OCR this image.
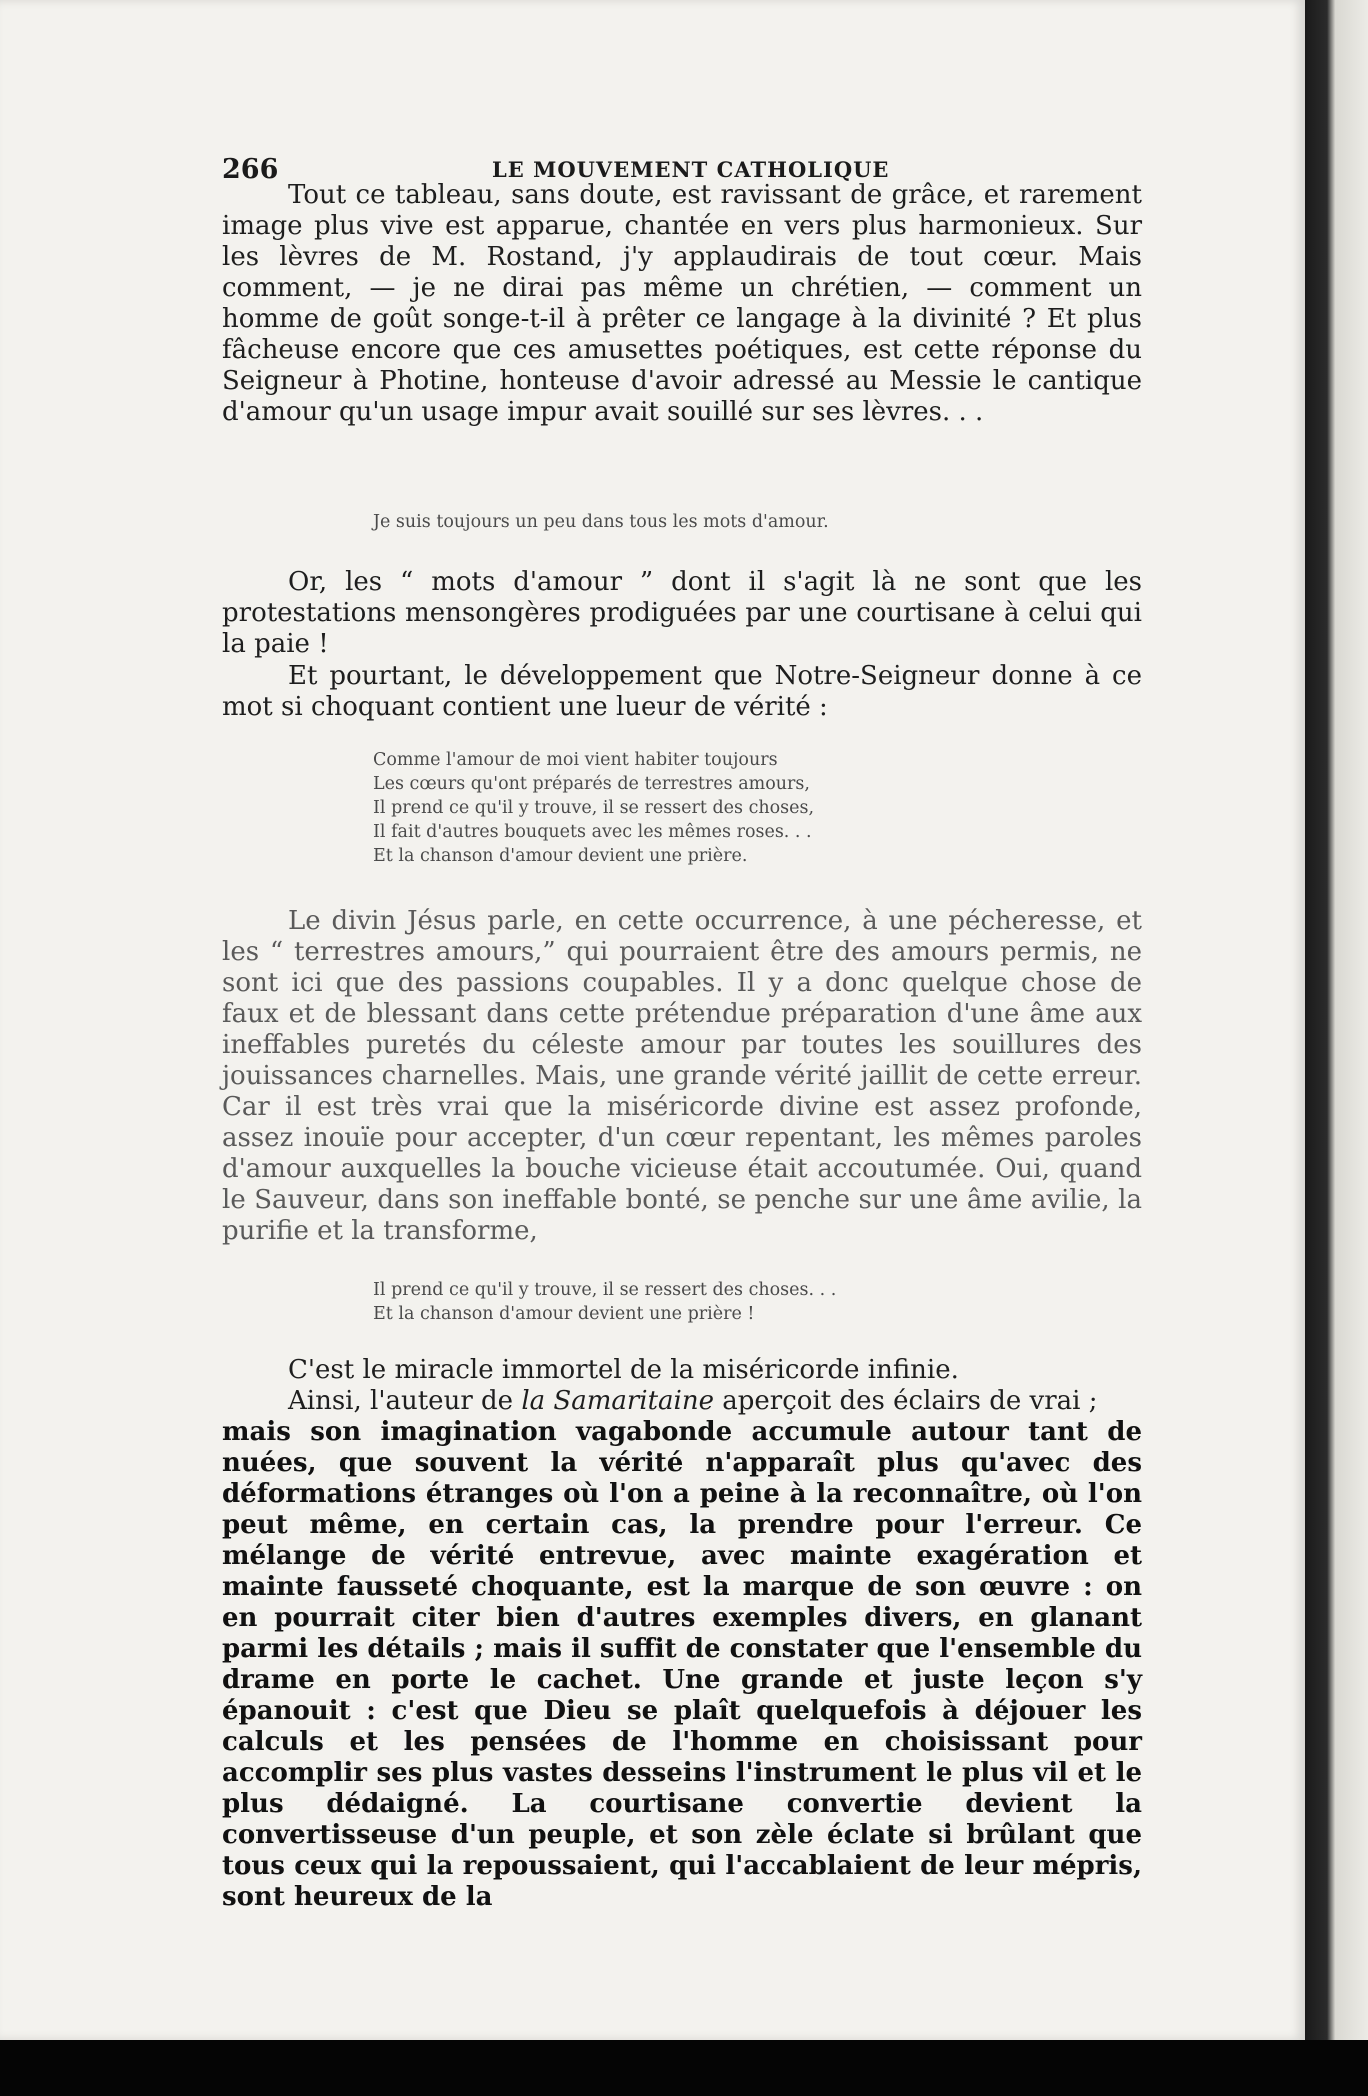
266	LE MOUVEMENT CATHOLIQUE

Tout ce tableau, sans doute, est ravissant de grâce, et rarement image plus vive est apparue, chantée en vers plus harmonieux. Sur les lèvres de M. Rostand, j'y applaudirais de tout cœur. Mais comment, — je ne dirai pas même un chrétien, — comment un homme de goût songe-t-il à prêter ce langage à la divinité ? Et plus fâcheuse encore que ces amusettes poétiques, est cette réponse du Seigneur à Photine, honteuse d'avoir adressé au Messie le cantique d'amour qu'un usage impur avait souillé sur ses lèvres. . .

Je suis toujours un peu dans tous les mots d'amour.

Or, les “ mots d'amour ” dont il s'agit là ne sont que les protestations mensongères prodiguées par une courtisane à celui qui la paie !

Et pourtant, le développement que Notre-Seigneur donne à ce mot si choquant contient une lueur de vérité :

Comme l'amour de moi vient habiter toujours
Les cœurs qu'ont préparés de terrestres amours,
Il prend ce qu'il y trouve, il se ressert des choses,
Il fait d'autres bouquets avec les mêmes roses. . .
Et la chanson d'amour devient une prière.

Le divin Jésus parle, en cette occurrence, à une pécheresse, et les “ terrestres amours,” qui pourraient être des amours permis, ne sont ici que des passions coupables. Il y a donc quelque chose de faux et de blessant dans cette prétendue préparation d'une âme aux ineffables puretés du céleste amour par toutes les souillures des jouissances charnelles. Mais, une grande vérité jaillit de cette erreur. Car il est très vrai que la miséricorde divine est assez profonde, assez inouïe pour accepter, d'un cœur repentant, les mêmes paroles d'amour auxquelles la bouche vicieuse était accoutumée. Oui, quand le Sauveur, dans son ineffable bonté, se penche sur une âme avilie, la purifie et la transforme,

Il prend ce qu'il y trouve, il se ressert des choses. . .
Et la chanson d'amour devient une prière !

C'est le miracle immortel de la miséricorde infinie.

Ainsi, l'auteur de la Samaritaine aperçoit des éclairs de vrai ;

mais son imagination vagabonde accumule autour tant de nuées, que souvent la vérité n'apparaît plus qu'avec des déformations étranges où l'on a peine à la reconnaître, où l'on peut même, en certain cas, la prendre pour l'erreur. Ce mélange de vérité entrevue, avec mainte exagération et mainte fausseté choquante, est la marque de son œuvre : on en pourrait citer bien d'autres exemples divers, en glanant parmi les détails ; mais il suffit de constater que l'ensemble du drame en porte le cachet. Une grande et juste leçon s'y épanouit : c'est que Dieu se plaît quelquefois à déjouer les calculs et les pensées de l'homme en choisissant pour accomplir ses plus vastes desseins l'instrument le plus vil et le plus dédaigné. La courtisane convertie devient la convertisseuse d'un peuple, et son zèle éclate si brûlant que tous ceux qui la repoussaient, qui l'accablaient de leur mépris, sont heureux de la
